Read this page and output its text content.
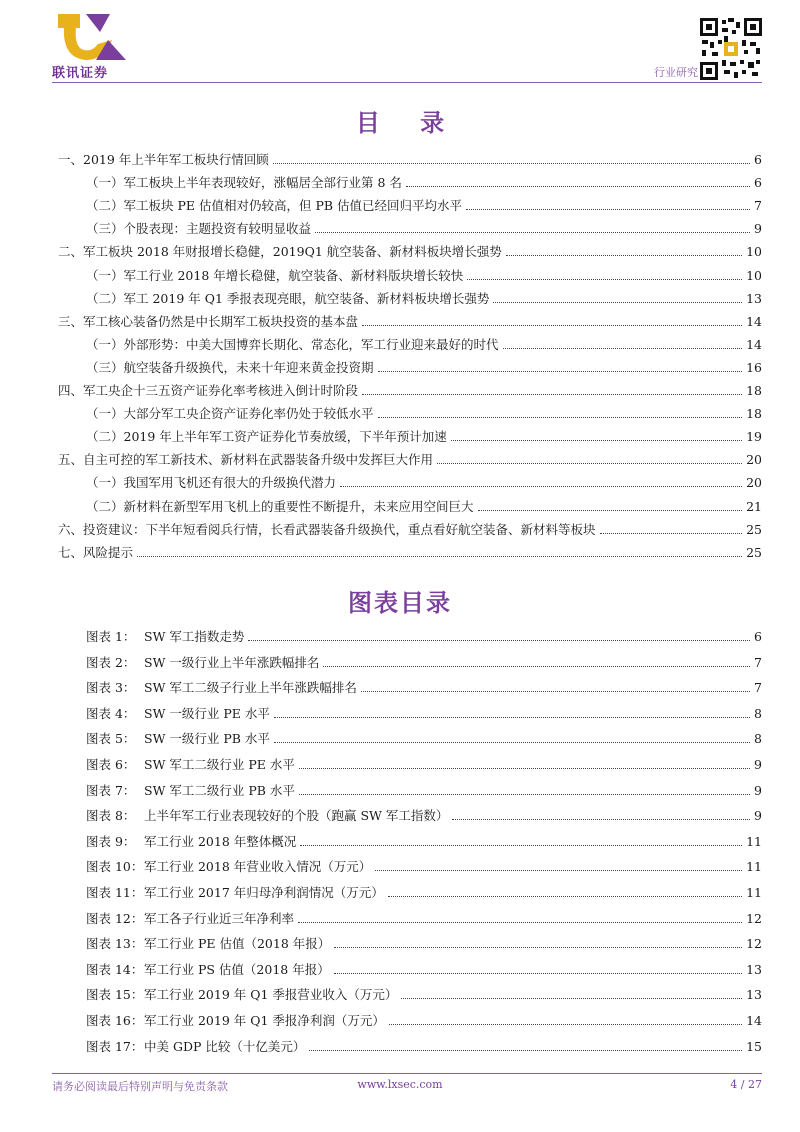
联讯证券	行业研究
目 录
一、2019 年上半年军工板块行情回顾	6
（一）军工板块上半年表现较好，涨幅居全部行业第 8 名	6
（二）军工板块 PE 估值相对仍较高，但 PB 估值已经回归平均水平	7
（三）个股表现：主题投资有较明显收益	9
二、军工板块 2018 年财报增长稳健，2019Q1 航空装备、新材料板块增长强势	10
（一）军工行业 2018 年增长稳健，航空装备、新材料版块增长较快	10
（二）军工 2019 年 Q1 季报表现亮眼，航空装备、新材料板块增长强势	13
三、军工核心装备仍然是中长期军工板块投资的基本盘	14
（一）外部形势：中美大国博弈长期化、常态化，军工行业迎来最好的时代	14
（三）航空装备升级换代，未来十年迎来黄金投资期	16
四、军工央企十三五资产证券化率考核进入倒计时阶段	18
（一）大部分军工央企资产证券化率仍处于较低水平	18
（二）2019 年上半年军工资产证券化节奏放缓，下半年预计加速	19
五、自主可控的军工新技术、新材料在武器装备升级中发挥巨大作用	20
（一）我国军用飞机还有很大的升级换代潜力	20
（二）新材料在新型军用飞机上的重要性不断提升，未来应用空间巨大	21
六、投资建议：下半年短看阅兵行情，长看武器装备升级换代，重点看好航空装备、新材料等板块	25
七、风险提示	25
图表目录
图表 1： SW 军工指数走势	6
图表 2： SW 一级行业上半年涨跌幅排名	7
图表 3： SW 军工二级子行业上半年涨跌幅排名	7
图表 4： SW 一级行业 PE 水平	8
图表 5： SW 一级行业 PB 水平	8
图表 6： SW 军工二级行业 PE 水平	9
图表 7： SW 军工二级行业 PB 水平	9
图表 8： 上半年军工行业表现较好的个股（跑赢 SW 军工指数）	9
图表 9： 军工行业 2018 年整体概况	11
图表 10： 军工行业 2018 年营业收入情况（万元）	11
图表 11： 军工行业 2017 年归母净利润情况（万元）	11
图表 12： 军工各子行业近三年净利率	12
图表 13： 军工行业 PE 估值（2018 年报）	12
图表 14： 军工行业 PS 估值（2018 年报）	13
图表 15： 军工行业 2019 年 Q1 季报营业收入（万元）	13
图表 16： 军工行业 2019 年 Q1 季报净利润（万元）	14
图表 17： 中美 GDP 比较（十亿美元）	15
请务必阅读最后特别声明与免责条款	www.lxsec.com	4 / 27
